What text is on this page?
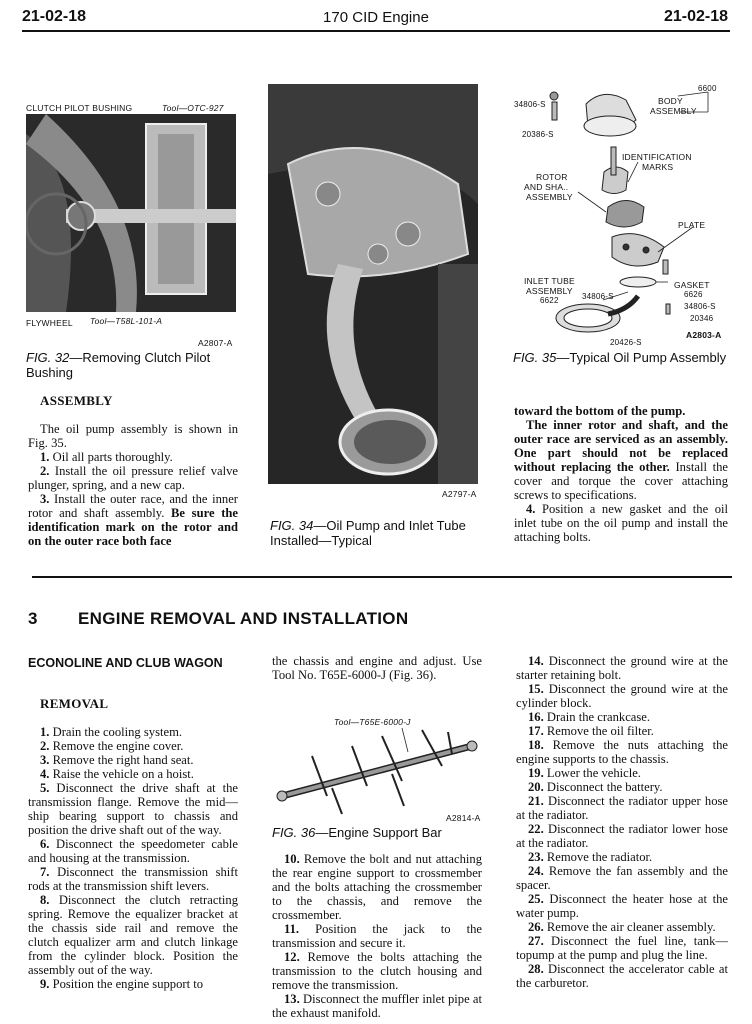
21-02-18	170 CID Engine	21-02-18
CLUTCH PILOT BUSHING	Tool—OTC-927
FLYWHEEL Tool—T58L-101-A
A2807-A
FIG. 32—Removing Clutch Pilot Bushing
A2797-A
FIG. 34—Oil Pump and Inlet Tube Installed—Typical
6600
BODY
ASSEMBLY
34806-S
20386-S
IDENTIFICATION
MARKS
ROTOR
AND SHA..
ASSEMBLY
PLATE
INLET TUBE
ASSEMBLY
6622	34806-S
GASKET
6626
34806-S
20346
20426-S
A2803-A
FIG. 35—Typical Oil Pump Assembly
ASSEMBLY

The oil pump assembly is shown in Fig. 35.

1. Oil all parts thoroughly.

2. Install the oil pressure relief valve plunger, spring, and a new cap.

3. Install the outer race, and the inner rotor and shaft assembly. Be sure the identification mark on the rotor and on the outer race both face

toward the bottom of the pump.

The inner rotor and shaft, and the outer race are serviced as an assembly. One part should not be replaced without replacing the other. Install the cover and torque the cover attaching screws to specifications.

4. Position a new gasket and the oil inlet tube on the oil pump and install the attaching bolts.

3 ENGINE REMOVAL AND INSTALLATION
ECONOLINE AND CLUB WAGON
REMOVAL

1. Drain the cooling system.

2. Remove the engine cover.

3. Remove the right hand seat.

4. Raise the vehicle on a hoist.

5. Disconnect the drive shaft at the transmission flange. Remove the mid—ship bearing support to chassis and position the drive shaft out of the way.

6. Disconnect the speedometer cable and housing at the transmission.

7. Disconnect the transmission shift rods at the transmission shift levers.

8. Disconnect the clutch retracting spring. Remove the equalizer bracket at the chassis side rail and remove the clutch equalizer arm and clutch linkage from the cylinder block. Position the assembly out of the way.

9. Position the engine support to

the chassis and engine and adjust. Use Tool No. T65E-6000-J (Fig. 36).

Tool—T65E-6000-J
A2814-A
FIG. 36—Engine Support Bar

10. Remove the bolt and nut attaching the rear engine support to crossmember and the bolts attaching the crossmember to the chassis, and remove the crossmember.

11. Position the jack to the transmission and secure it.

12. Remove the bolts attaching the transmission to the clutch housing and remove the transmission.

13. Disconnect the muffler inlet pipe at the exhaust manifold.

14. Disconnect the ground wire at the starter retaining bolt.

15. Disconnect the ground wire at the cylinder block.

16. Drain the crankcase.

17. Remove the oil filter.

18. Remove the nuts attaching the engine supports to the chassis.

19. Lower the vehicle.

20. Disconnect the battery.

21. Disconnect the radiator upper hose at the radiator.

22. Disconnect the radiator lower hose at the radiator.

23. Remove the radiator.

24. Remove the fan assembly and the spacer.

25. Disconnect the heater hose at the water pump.

26. Remove the air cleaner assembly.

27. Disconnect the fuel line, tank—topump at the pump and plug the line.

28. Disconnect the accelerator cable at the carburetor.
